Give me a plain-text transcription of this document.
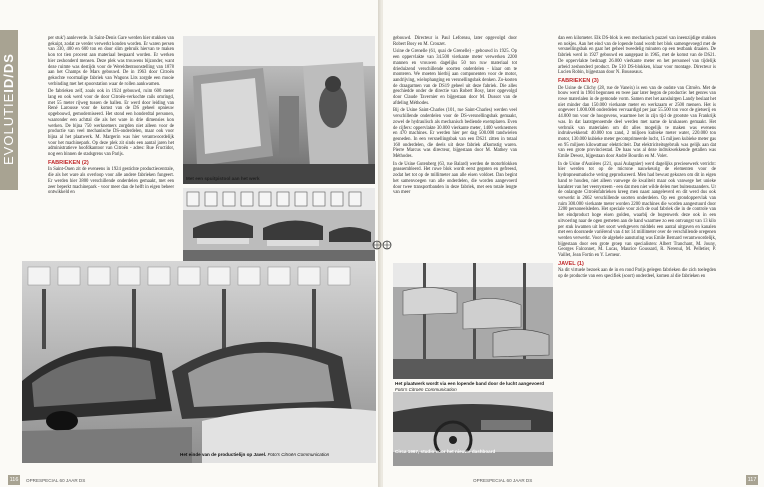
EVOLUTIEID/DS

per stuk') aanleverde. In Saint-Denis Gare werden hier stukken van gekuipt, zodat ze verder verwerkt konden worden. Er waren persen van 330, 400 en 600 ton en door slim gebruik hiervan te maken kon tot tien procent aan materiaal bespaard worden. Er werken hier zeshonderd mensen. Deze plek was trouwens bijzonder, want deze ruimte was destijds voor de Wereldtentoonstelling van 1878 aan het Champs de Mars gebouwd. De in 1963 door Citroën gekochte voormalige fabriek van Wagons Lits zorgde een mooie verbinding met het spoorstation waar de rollen aankwamen.

De fabrieken zelf, zoals ook in 1924 gebouwd, ruim 600 meter lang en ook werd voor de door Citroën-verkochte rails omringd, met 55 meter rijweg tussen de hallen. Er werd door leiding van René Larousse voor de komst van de DS geheel opnieuw opgebouwd, gemoderniseerd. Het stond een honderdtal personen, waaronder een achttal die als het ware in drie dimensies kon werken. De bijna 750 werknemers zorgden niet alleen voor de productie van veel mechanische DS-onderdelen, maar ook voor bijna al het plaatwerk. M. Margerin was hier verantwoordelijk voor het machinepark. Op deze plek zit sinds een aantal jaren het administratieve hoofdkantoor van Citroën - adres: Rue Fructidor, nog een binnen de stadsgrens van Parijs.

FABRIEKEN (2)

In Saint-Ouen zit de eveneens in 1924 gestichte productiecentrale, die als het ware als overloop voor alle andere fabrieken fungeert. Er werden hier 3800 verschillende onderdelen gemaakt, met een zeer beperkt machinepark - voor meer dan de helft in eigen beheer ontwikkeld en

Met een spuitpistool aan het werk
Het einde van de productielijn op Javel. Foto's Citroën Communication
116	OPRESPECIAL 60 JAAR DS

gebouwd. Directeur is Paul Leforeau, later opgevolgd door Robert Bosy en M. Crouzet.

Usine de Grenelle (61, quai de Grenelle) - gebouwd in 1925. Op een oppervlakte van 34.500 vierkante meter verwerken 2200 mannen en vrouwen dagelijks 50 ton ruw materiaal tot drieduizend verschillende soorten onderdelen - klaar om te monteren. We moeten hierbij aan componenten voor de motor, aandrijving, wielophanging en versnellingsbak denken. Zo-kosten de draagarmen van de DS19 geheel uit deze fabriek. Die alles geschiedde onder de directie van Robert Bosy, later opgevolgd door Claude Tavernier en bijgestaan door M. Dussot van de afdeling Méthodes.

Bij de Usine Saint-Charles (101, rue Saint-Charles) werden veel verschillende onderdelen voor de DS-versnellingsbak gemaakt, zowel de hydraulisch als mechanisch bediende exemplaren. Even de cijfers: oppervlakte 30.000 vierkante meter, 1400 werknemers en 470 machines. Er werden hier per dag 500.000 tandwielen gesneden. In een versnellingsbak van een DS21 zitten in totaal 160 onderdelen, die deels uit deze fabriek afkomstig waren. Pierre Marcus was directeur, bijgestaan door M. Mathey van Méthodes.

In de Usine Gutenberg (63, rue Balard) werden de motorblokken geassembleerd. Het ruwe blok wordt eerst gegoten en gefreesd, zodat het tot op de millimeter aan alle eisen voldoet. Dan begint het samenvoegen van alle onderdelen, die worden aangevoerd door twee transportbanden in deze fabriek, met een totale lengte van meer

dan een kilometer. Elk DS-blok is een mechanisch puzzel van ineenzijdige stukken en nokjes. Aan het eind van de lopende band wordt het blok samengevoegd met de versnellingsbak en gaat het geheel tweedelig minuten op een testbank draaien. De fabriek werd in 1927 gebouwd en aangepast in 1965, met de komst van de DS21. De oppervlakte bedraagt 26.000 vierkante meter en het personeel van tijdelijk arbeid zeshonderd product. De 510 DS-blokken, klaar voor montage. Directeur is Lucien Robin, bijgestaan door N. Bousseaux.

FABRIEKEN (3)

De Usine de Clichy (28, rue de Vaneix) is een van de oudste van Citroën. Met de bouw werd in 1904 begonnen en twee jaar later begon de productie: het genres van rowe materialen in de gemonde vorm. Samen met het aansluitgen Landy beslaat het niet minder dan 150.000 vierkante meter en werkzaam er 2500 mensen. Het is ongeveer 1.000.000 onderdelen vervaardigd per jaar 55.500 ton voor de gietserij en 44.000 ton voor de hoogovens, waarmee het in zijn tijd de grootste van Frankrijk was. In dat laatstgenoemde deel werden met name de krukassen gemaakt. Het verbruik van materialen om dit alles mogelijk te maken was evenens indrukwekkend: 40.000 ton zand, 2 miljoen kubieke meter water, 220.000 ton motor, 130.000 kubieke meter gecomprimeerde lucht, 15 miljoen kubieke meter gas en 95 miljoen kilowattuur elektriciteit. Dat elektriciteitsgebruik was gelijk aan dat van een grote provinciestad. De baas was al deze indrukwekkende getallen was Emile Dewez, bijgestaan door André Bourdin en M. Volet.

In de Usine d'Asnières (221, quai Aulagnier) werd dagelijks preciesewerk verricht: hier werden tot op de microne nauwkeurig de elementen voor de hydropneumatische vering geproduceerd. Men had bewust gekozen om dit in eigen hand te houden, niet alleen vanwege de kwaliteit maar ook vanwege het unieke karakter van het veersysteem - een dat men niet wilde delen met buitenstaanders. Ur de onlangste Citroënfabrieken kreeg men naast aangeleverd en dit werd dus ook verwerkt in 2662 verschillende soorten onderdelen. Op een grondoppervlak van ruim 300.000 vierkante meter worden 2200 machines die worden aangestuurd door 2200 personeelsleden. Het speciale voor zich de oud fabriek die in de controle van het eindproduct hoge eisen golden, waarbij de bogenwerk deze ook in een uitvoering naar de ogen gemeten aan de hand waarmee zo een ontvangst van 13 kilo per stuk kwamen uit het soort werkgevers middels een aantal uitgaven en kanalen met een doorsnede variërend van 4 tot 14 millimeter over de verschillende oregenen werden verwerkt. Voor de algehele aansturing was Emile Bernard verantwoordelijk, bijgestaan door een grote groep van specialisten: Albert Tranchant, M. Jouny, Georges Falconnet, M. Lucas, Maurice Goussard, R. Nerenul, M. Pelletier, P. Vaillet, Jean Fortin en Y. Lemeur.

JAVEL (1)

Na dit virtuele bezoek aan de in en rond Parijs gelegen fabrieken die zich toelegden op de productie van een specifiek (soort) onderdeel, komen al die fabrieken en

Het plaatwerk wordt via een lopende band door de lucht aangevoerd
Foto's Citroën Communication
Circa 1967, studio voor het nieuwe dashboard
OPRESPECIAL 60 JAAR DS	117
